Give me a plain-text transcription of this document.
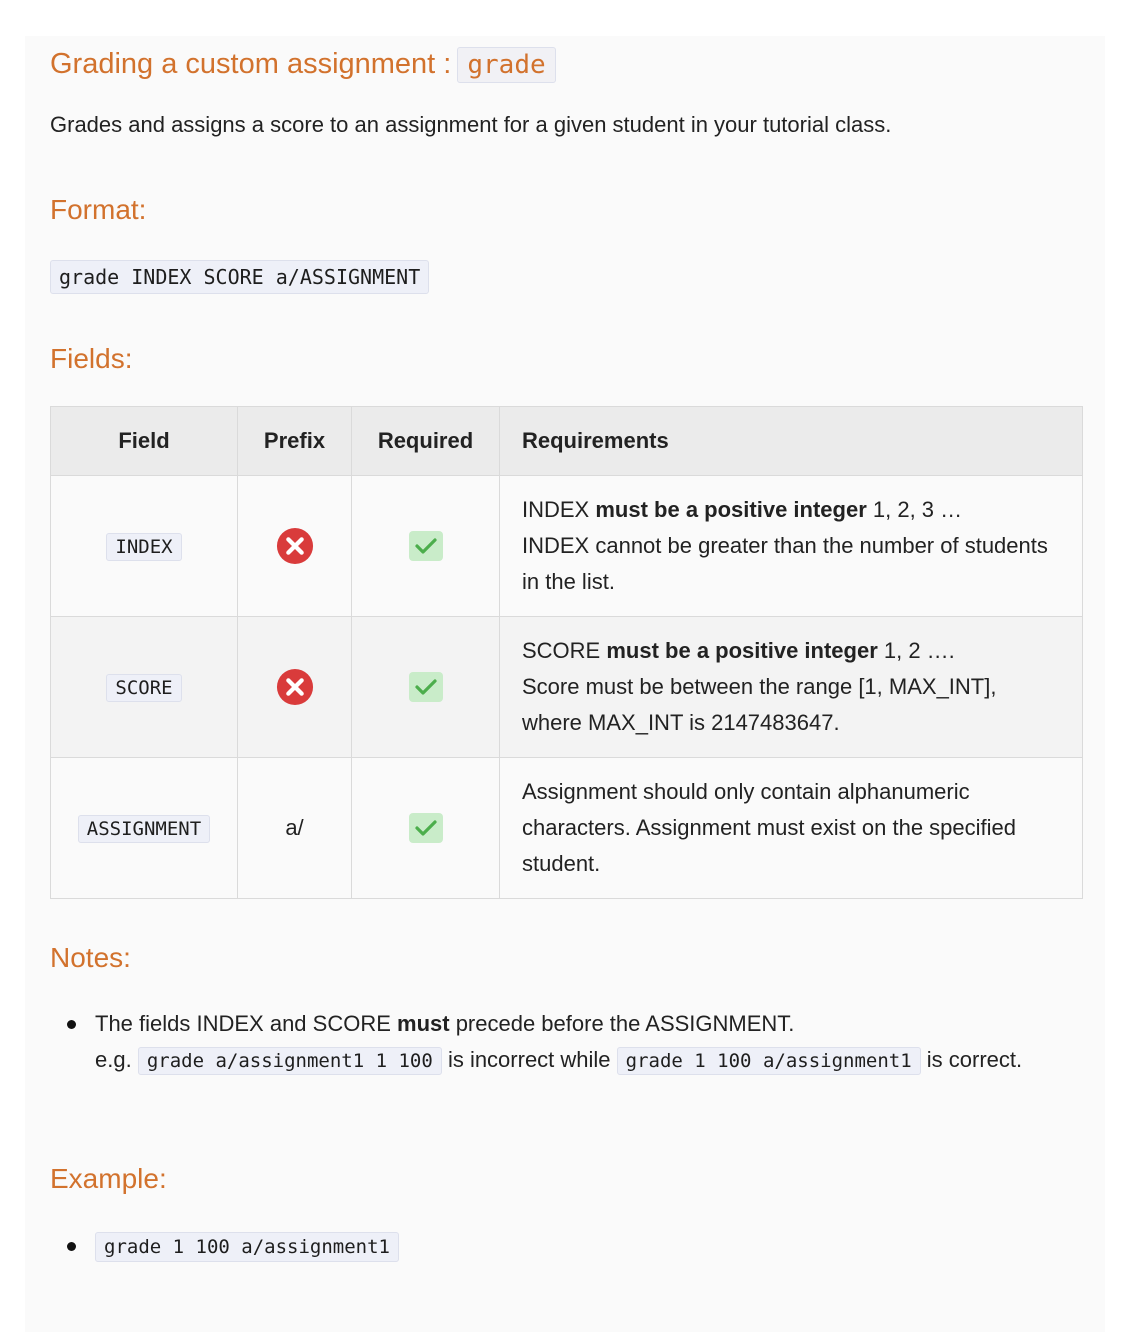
Grading a custom assignment : grade
Grades and assigns a score to an assignment for a given student in your tutorial class.
Format:
grade INDEX SCORE a/ASSIGNMENT
Fields:
Field	Prefix	Required	Requirements
INDEX			INDEX must be a positive integer 1, 2, 3 …
INDEX cannot be greater than the number of students in the list.
SCORE			SCORE must be a positive integer 1, 2 ….
Score must be between the range [1, MAX_INT], where MAX_INT is 2147483647.
ASSIGNMENT	a/		Assignment should only contain alphanumeric characters. Assignment must exist on the specified student.
Notes:
The fields INDEX and SCORE must precede before the ASSIGNMENT.
e.g. grade a/assignment1 1 100 is incorrect while grade 1 100 a/assignment1 is correct.
Example:
grade 1 100 a/assignment1
